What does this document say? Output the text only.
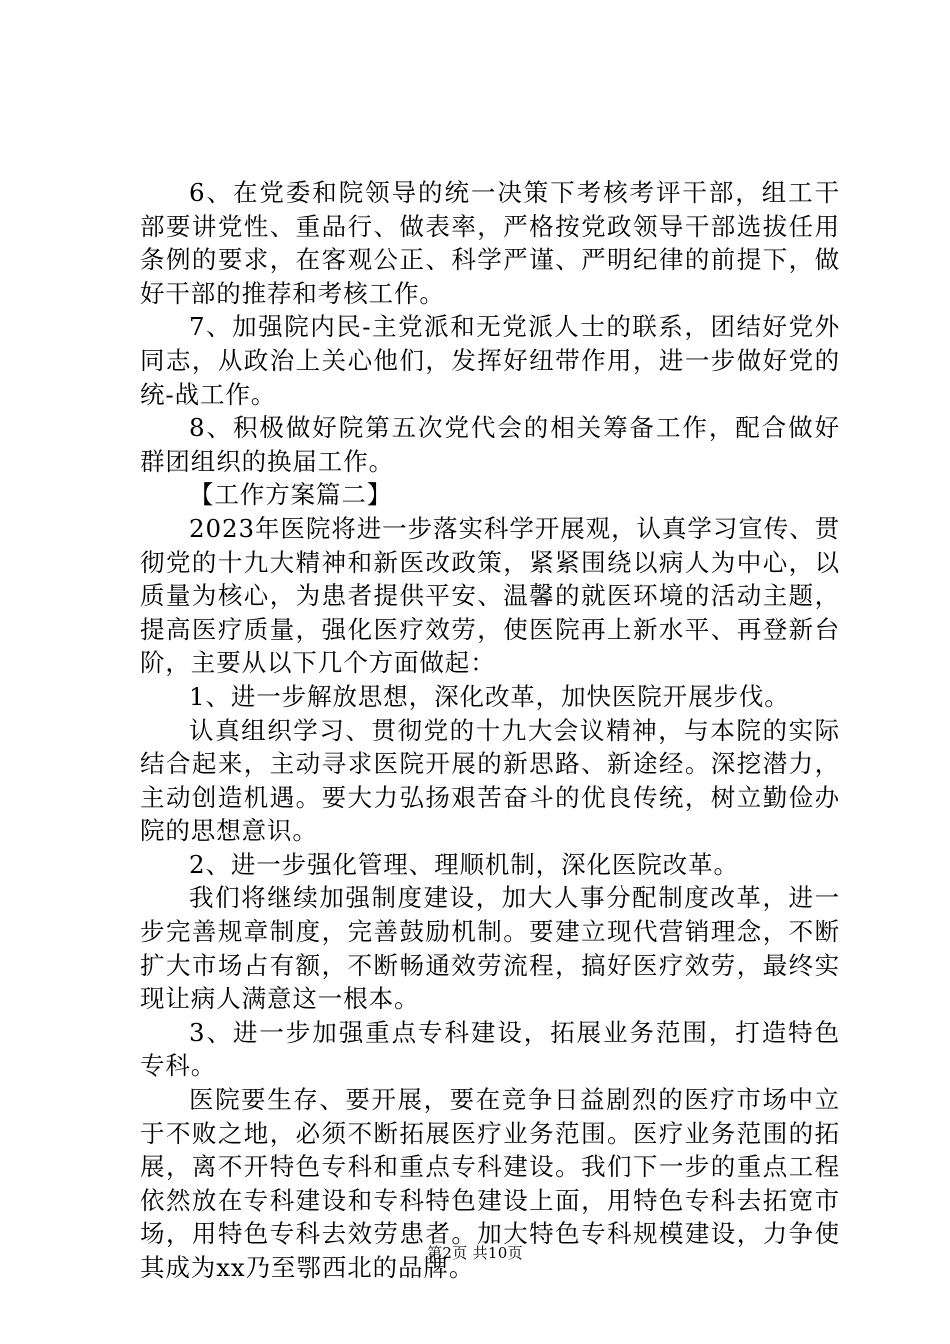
6、在党委和院领导的统一决策下考核考评干部，组工干部要讲党性、重品行、做表率，严格按党政领导干部选拔任用条例的要求，在客观公正、科学严谨、严明纪律的前提下，做好干部的推荐和考核工作。

7、加强院内民-主党派和无党派人士的联系，团结好党外同志，从政治上关心他们，发挥好纽带作用，进一步做好党的统-战工作。

8、积极做好院第五次党代会的相关筹备工作，配合做好群团组织的换届工作。

【工作方案篇二】

2023年医院将进一步落实科学开展观，认真学习宣传、贯彻党的十九大精神和新医改政策，紧紧围绕以病人为中心，以质量为核心，为患者提供平安、温馨的就医环境的活动主题，提高医疗质量，强化医疗效劳，使医院再上新水平、再登新台阶，主要从以下几个方面做起：

1、进一步解放思想，深化改革，加快医院开展步伐。

认真组织学习、贯彻党的十九大会议精神，与本院的实际结合起来，主动寻求医院开展的新思路、新途经。深挖潜力，主动创造机遇。要大力弘扬艰苦奋斗的优良传统，树立勤俭办院的思想意识。

2、进一步强化管理、理顺机制，深化医院改革。

我们将继续加强制度建设，加大人事分配制度改革，进一步完善规章制度，完善鼓励机制。要建立现代营销理念，不断扩大市场占有额，不断畅通效劳流程，搞好医疗效劳，最终实现让病人满意这一根本。

3、进一步加强重点专科建设，拓展业务范围，打造特色专科。

医院要生存、要开展，要在竞争日益剧烈的医疗市场中立于不败之地，必须不断拓展医疗业务范围。医疗业务范围的拓展，离不开特色专科和重点专科建设。我们下一步的重点工程依然放在专科建设和专科特色建设上面，用特色专科去拓宽市场，用特色专科去效劳患者。加大特色专科规模建设，力争使其成为xx乃至鄂西北的品牌。

第2页 共10页
